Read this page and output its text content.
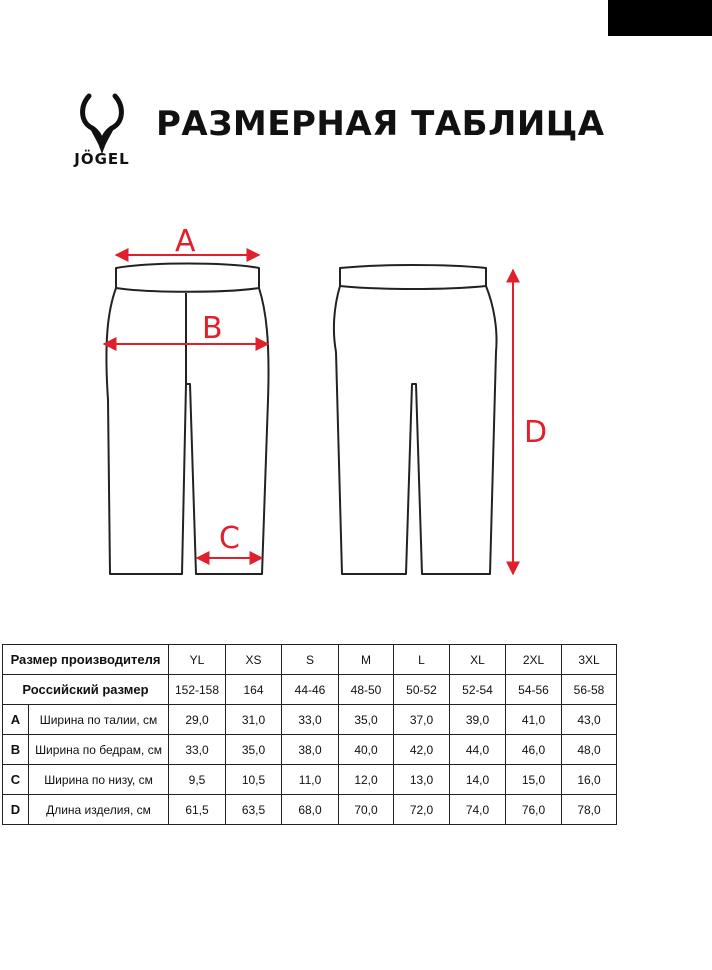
JÖGEL
РАЗМЕРНАЯ ТАБЛИЦА
A
B
C
D
Размер производителя		YL	XS	S	M	L	XL	2XL	3XL
Российский размер		152-158	164	44-46	48-50	50-52	52-54	54-56	56-58
A	Ширина по талии, см	29,0	31,0	33,0	35,0	37,0	39,0	41,0	43,0
B	Ширина по бедрам, см	33,0	35,0	38,0	40,0	42,0	44,0	46,0	48,0
C	Ширина по низу, см	9,5	10,5	11,0	12,0	13,0	14,0	15,0	16,0
D	Длина изделия, см	61,5	63,5	68,0	70,0	72,0	74,0	76,0	78,0
